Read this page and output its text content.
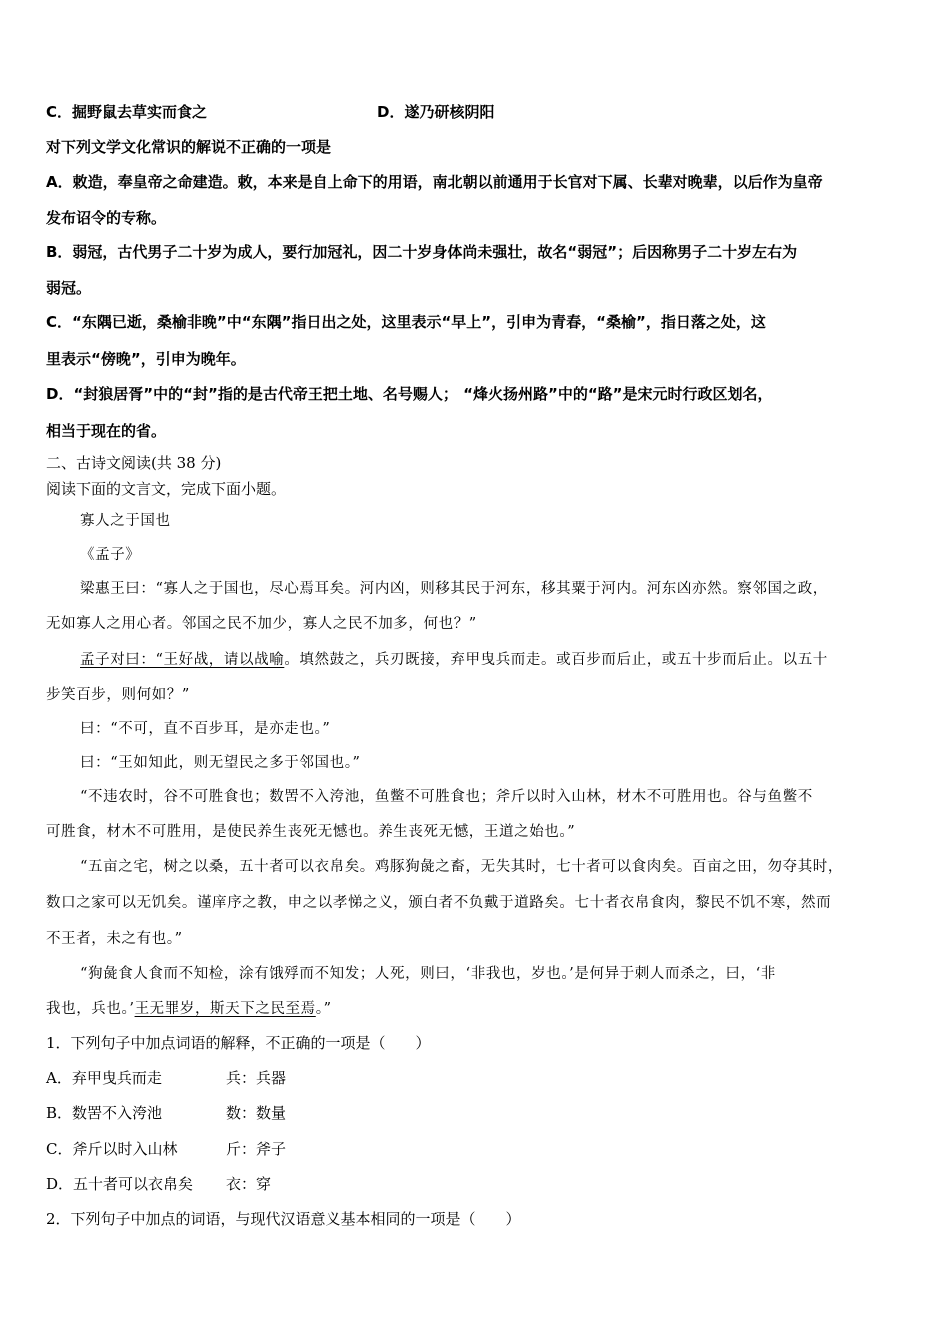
C．掘野鼠去草实而食之	D．遂乃研核阴阳
对下列文学文化常识的解说不正确的一项是
A．敕造，奉皇帝之命建造。敕，本来是自上命下的用语，南北朝以前通用于长官对下属、长辈对晚辈，以后作为皇帝
发布诏令的专称。
B．弱冠，古代男子二十岁为成人，要行加冠礼，因二十岁身体尚未强壮，故名“弱冠”；后因称男子二十岁左右为
弱冠。
C．“东隅已逝，桑榆非晚”中“东隅”指日出之处，这里表示“早上”，引申为青春，“桑榆”，指日落之处，这
里表示“傍晚”，引申为晚年。
D．“封狼居胥”中的“封”指的是古代帝王把土地、名号赐人； “烽火扬州路”中的“路”是宋元时行政区划名，
相当于现在的省。
二、古诗文阅读(共 38 分)
阅读下面的文言文，完成下面小题。
寡人之于国也
《孟子》
梁惠王曰：“寡人之于国也，尽心焉耳矣。河内凶，则移其民于河东，移其粟于河内。河东凶亦然。察邻国之政，
无如寡人之用心者。邻国之民不加少，寡人之民不加多，何也？”
孟子对曰：“王好战，请以战喻。填然鼓之，兵刃既接，弃甲曳兵而走。或百步而后止，或五十步而后止。以五十
步笑百步，则何如？”
曰：“不可，直不百步耳，是亦走也。”
曰：“王如知此，则无望民之多于邻国也。”
“不违农时，谷不可胜食也；数罟不入洿池，鱼鳖不可胜食也；斧斤以时入山林，材木不可胜用也。谷与鱼鳖不
可胜食，材木不可胜用，是使民养生丧死无憾也。养生丧死无憾，王道之始也。”
“五亩之宅，树之以桑，五十者可以衣帛矣。鸡豚狗彘之畜，无失其时，七十者可以食肉矣。百亩之田，勿夺其时，
数口之家可以无饥矣。谨庠序之教，申之以孝悌之义，颁白者不负戴于道路矣。七十者衣帛食肉，黎民不饥不寒，然而
不王者，未之有也。”
“狗彘食人食而不知检，涂有饿殍而不知发；人死，则曰，‘非我也，岁也。’是何异于刺人而杀之，曰，‘非
我也，兵也。’王无罪岁，斯天下之民至焉。”
1．下列句子中加点词语的解释，不正确的一项是（　　）
A．弃甲曳兵而走	兵：兵器
B．数罟不入洿池	数：数量
C．斧斤以时入山林	斤：斧子
D．五十者可以衣帛矣 衣：穿
2．下列句子中加点的词语，与现代汉语意义基本相同的一项是（　　）
